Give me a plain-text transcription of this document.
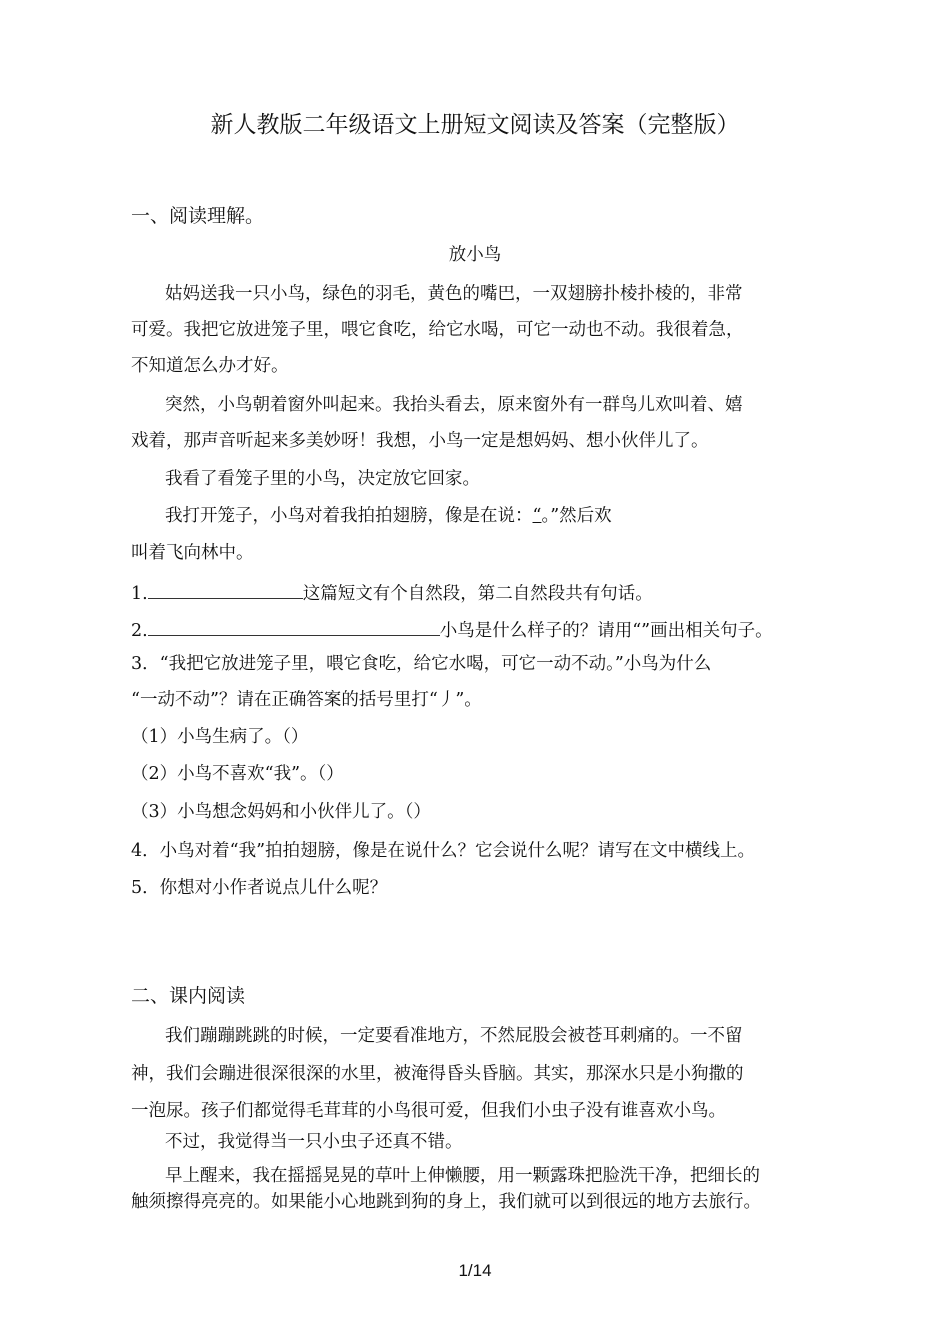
新人教版二年级语文上册短文阅读及答案（完整版）
一、阅读理解。
放小鸟
姑妈送我一只小鸟，绿色的羽毛，黄色的嘴巴，一双翅膀扑棱扑棱的，非常
可爱。我把它放进笼子里，喂它食吃，给它水喝，可它一动也不动。我很着急，
不知道怎么办才好。
突然，小鸟朝着窗外叫起来。我抬头看去，原来窗外有一群鸟儿欢叫着、嬉
戏着，那声音听起来多美妙呀！我想，小鸟一定是想妈妈、想小伙伴儿了。
我看了看笼子里的小鸟，决定放它回家。
我打开笼子，小鸟对着我拍拍翅膀，像是在说：“。”然后欢
叫着飞向林中。
1.	这篇短文有个自然段，第二自然段共有句话。
2.	小鸟是什么样子的？请用“”画出相关句子。
3．“我把它放进笼子里，喂它食吃，给它水喝，可它一动不动。”小鸟为什么
“一动不动”？请在正确答案的括号里打“丿”。
（1）小鸟生病了。（）
（2）小鸟不喜欢“我”。（）
（3）小鸟想念妈妈和小伙伴儿了。（）
4．小鸟对着“我”拍拍翅膀，像是在说什么？它会说什么呢？请写在文中横线上。
5．你想对小作者说点儿什么呢？
二、课内阅读
我们蹦蹦跳跳的时候，一定要看准地方，不然屁股会被苍耳刺痛的。一不留
神，我们会蹦进很深很深的水里，被淹得昏头昏脑。其实，那深水只是小狗撒的
一泡尿。孩子们都觉得毛茸茸的小鸟很可爱，但我们小虫子没有谁喜欢小鸟。
不过，我觉得当一只小虫子还真不错。
早上醒来，我在摇摇晃晃的草叶上伸懒腰，用一颗露珠把脸洗干净，把细长的
触须擦得亮亮的。如果能小心地跳到狗的身上，我们就可以到很远的地方去旅行。
1/14
